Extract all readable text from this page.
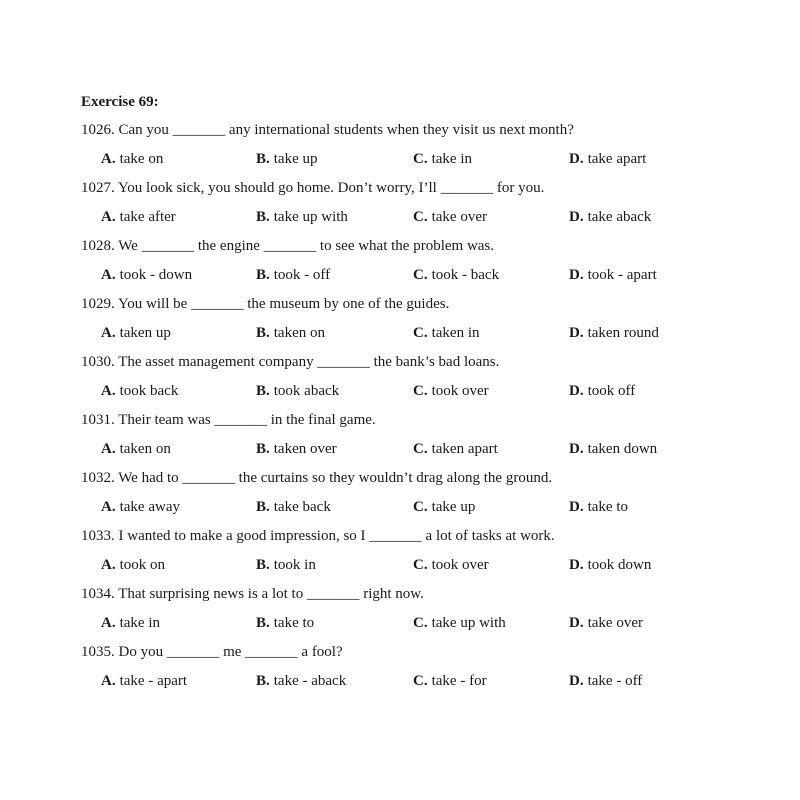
Exercise 69:
1026. Can you _______ any international students when they visit us next month?
A. take on	B. take up	C. take in	D. take apart
1027. You look sick, you should go home. Don’t worry, I’ll _______ for you.
A. take after	B. take up with	C. take over	D. take aback
1028. We _______ the engine _______ to see what the problem was.
A. took - down	B. took - off	C. took - back	D. took - apart
1029. You will be _______ the museum by one of the guides.
A. taken up	B. taken on	C. taken in	D. taken round
1030. The asset management company _______ the bank’s bad loans.
A. took back	B. took aback	C. took over	D. took off
1031. Their team was _______ in the final game.
A. taken on	B. taken over	C. taken apart	D. taken down
1032. We had to _______ the curtains so they wouldn’t drag along the ground.
A. take away	B. take back	C. take up	D. take to
1033. I wanted to make a good impression, so I _______ a lot of tasks at work.
A. took on	B. took in	C. took over	D. took down
1034. That surprising news is a lot to _______ right now.
A. take in	B. take to	C. take up with	D. take over
1035. Do you _______ me _______ a fool?
A. take - apart	B. take - aback	C. take - for	D. take - off
